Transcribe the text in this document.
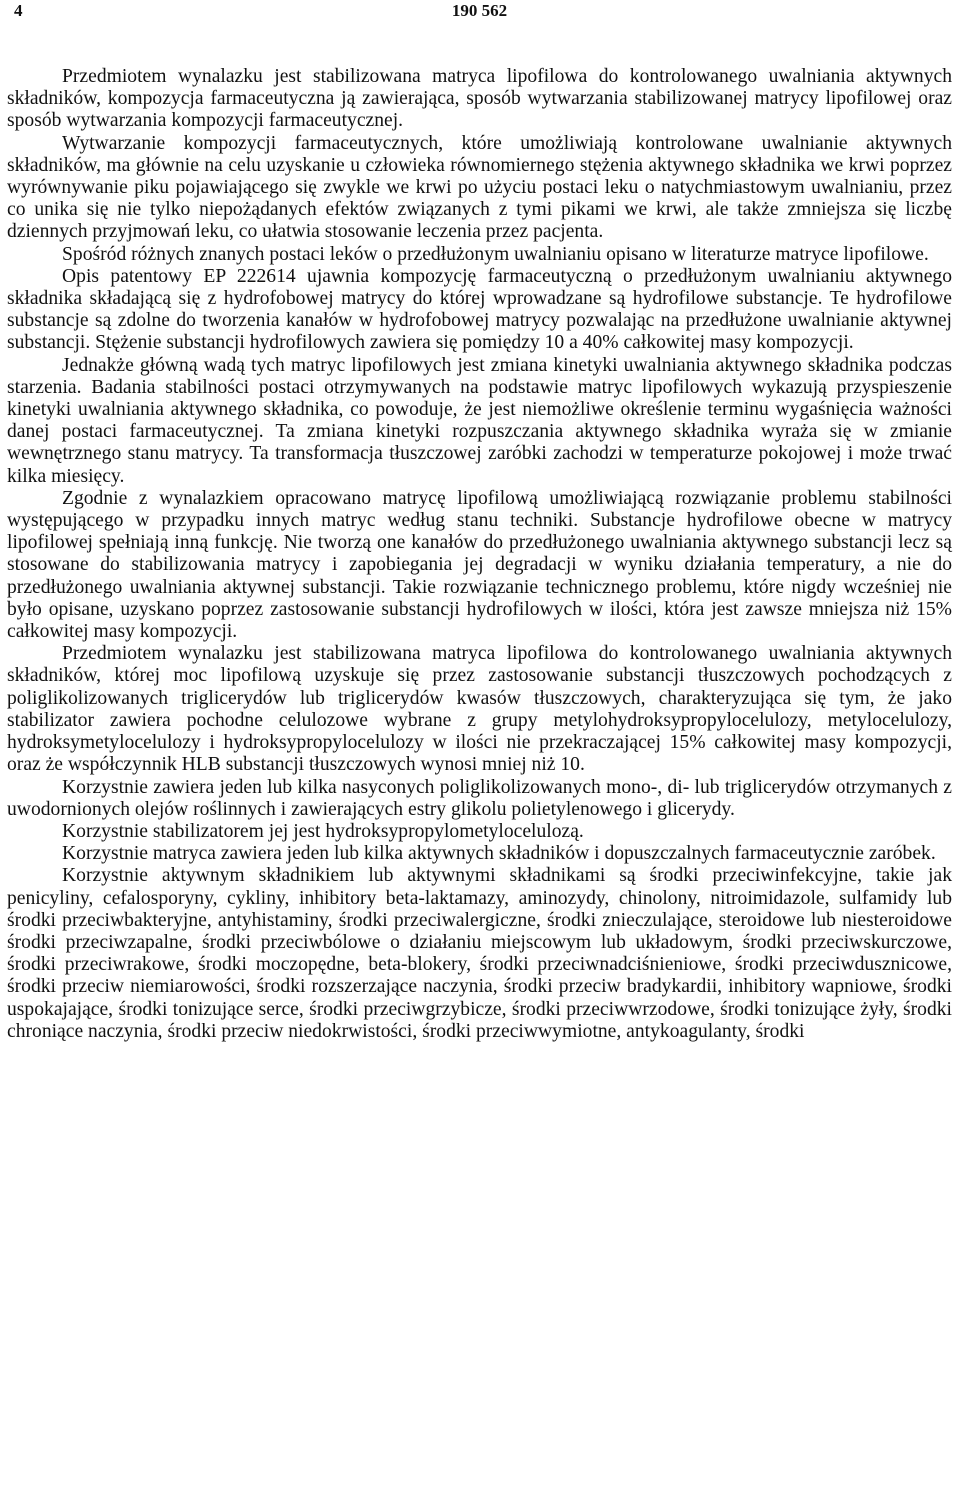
4	190 562

Przedmiotem wynalazku jest stabilizowana matryca lipofilowa do kontrolowanego uwalniania aktywnych składników, kompozycja farmaceutyczna ją zawierająca, sposób wytwarzania stabilizowanej matrycy lipofilowej oraz sposób wytwarzania kompozycji farmaceutycznej.

Wytwarzanie kompozycji farmaceutycznych, które umożliwiają kontrolowane uwalnianie aktywnych składników, ma głównie na celu uzyskanie u człowieka równomiernego stężenia aktywnego składnika we krwi poprzez wyrównywanie piku pojawiającego się zwykle we krwi po użyciu postaci leku o natychmiastowym uwalnianiu, przez co unika się nie tylko niepożądanych efektów związanych z tymi pikami we krwi, ale także zmniejsza się liczbę dziennych przyjmowań leku, co ułatwia stosowanie leczenia przez pacjenta.

Spośród różnych znanych postaci leków o przedłużonym uwalnianiu opisano w literaturze matryce lipofilowe.

Opis patentowy EP 222614 ujawnia kompozycję farmaceutyczną o przedłużonym uwalnianiu aktywnego składnika składającą się z hydrofobowej matrycy do której wprowadzane są hydrofilowe substancje. Te hydrofilowe substancje są zdolne do tworzenia kanałów w hydrofobowej matrycy pozwalając na przedłużone uwalnianie aktywnej substancji. Stężenie substancji hydrofilowych zawiera się pomiędzy 10 a 40% całkowitej masy kompozycji.

Jednakże główną wadą tych matryc lipofilowych jest zmiana kinetyki uwalniania aktywnego składnika podczas starzenia. Badania stabilności postaci otrzymywanych na podstawie matryc lipofilowych wykazują przyspieszenie kinetyki uwalniania aktywnego składnika, co powoduje, że jest niemożliwe określenie terminu wygaśnięcia ważności danej postaci farmaceutycznej. Ta zmiana kinetyki rozpuszczania aktywnego składnika wyraża się w zmianie wewnętrznego stanu matrycy. Ta transformacja tłuszczowej zaróbki zachodzi w temperaturze pokojowej i może trwać kilka miesięcy.

Zgodnie z wynalazkiem opracowano matrycę lipofilową umożliwiającą rozwiązanie problemu stabilności występującego w przypadku innych matryc według stanu techniki. Substancje hydrofilowe obecne w matrycy lipofilowej spełniają inną funkcję. Nie tworzą one kanałów do przedłużonego uwalniania aktywnego substancji lecz są stosowane do stabilizowania matrycy i zapobiegania jej degradacji w wyniku działania temperatury, a nie do przedłużonego uwalniania aktywnej substancji. Takie rozwiązanie technicznego problemu, które nigdy wcześniej nie było opisane, uzyskano poprzez zastosowanie substancji hydrofilowych w ilości, która jest zawsze mniejsza niż 15% całkowitej masy kompozycji.

Przedmiotem wynalazku jest stabilizowana matryca lipofilowa do kontrolowanego uwalniania aktywnych składników, której moc lipofilową uzyskuje się przez zastosowanie substancji tłuszczowych pochodzących z poliglikolizowanych triglicerydów lub triglicerydów kwasów tłuszczowych, charakteryzująca się tym, że jako stabilizator zawiera pochodne celulozowe wybrane z grupy metylohydroksypropylocelulozy, metylocelulozy, hydroksymetylocelulozy i hydroksypropylocelulozy w ilości nie przekraczającej 15% całkowitej masy kompozycji, oraz że współczynnik HLB substancji tłuszczowych wynosi mniej niż 10.

Korzystnie zawiera jeden lub kilka nasyconych poliglikolizowanych mono-, di- lub triglicerydów otrzymanych z uwodornionych olejów roślinnych i zawierających estry glikolu polietylenowego i glicerydy.

Korzystnie stabilizatorem jej jest hydroksypropylometylocelulozą.

Korzystnie matryca zawiera jeden lub kilka aktywnych składników i dopuszczalnych farmaceutycznie zaróbek.

Korzystnie aktywnym składnikiem lub aktywnymi składnikami są środki przeciwinfekcyjne, takie jak penicyliny, cefalosporyny, cykliny, inhibitory beta-laktamazy, aminozydy, chinolony, nitroimidazole, sulfamidy lub środki przeciwbakteryjne, antyhistaminy, środki przeciwalergiczne, środki znieczulające, steroidowe lub niesteroidowe środki przeciwzapalne, środki przeciwbólowe o działaniu miejscowym lub układowym, środki przeciwskurczowe, środki przeciwrakowe, środki moczopędne, beta-blokery, środki przeciwnadciśnieniowe, środki przeciwdusznicowe, środki przeciw niemiarowości, środki rozszerzające naczynia, środki przeciw bradykardii, inhibitory wapniowe, środki uspokajające, środki tonizujące serce, środki przeciwgrzybicze, środki przeciwwrzodowe, środki tonizujące żyły, środki chroniące naczynia, środki przeciw niedokrwistości, środki przeciwwymiotne, antykoagulanty, środki
